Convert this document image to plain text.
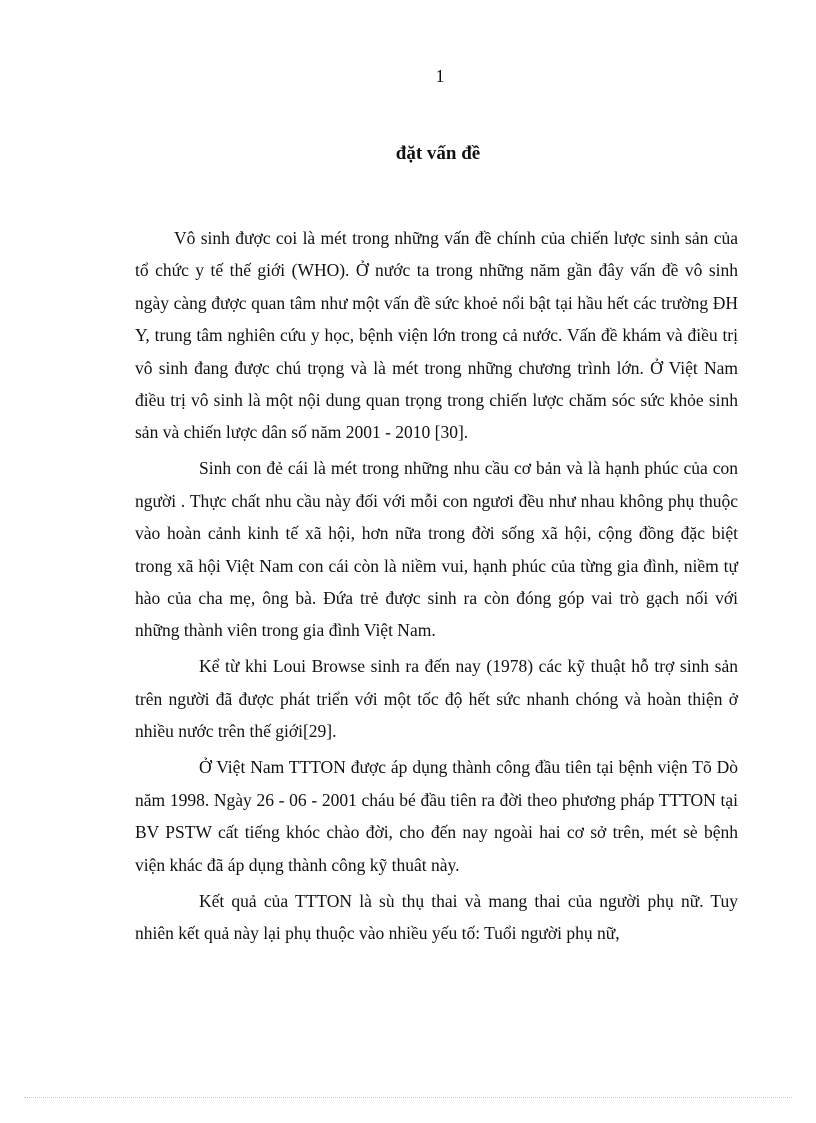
1
đặt vấn đề

Vô sinh được coi là mét trong những vấn đề chính của chiến lược sinh sản của tổ chức y tế thế giới (WHO). Ở nước ta trong những năm gần đây vấn đề vô sinh ngày càng được quan tâm như một vấn đề sức khoẻ nổi bật tại hầu hết các trường ĐH Y, trung tâm nghiên cứu y học, bệnh viện lớn trong cả nước. Vấn đề khám và điều trị vô sinh đang được chú trọng và là mét trong những chương trình lớn. Ở Việt Nam điều trị vô sinh là một nội dung quan trọng trong chiến lược chăm sóc sức khỏe sinh sản và chiến lược dân số năm 2001 - 2010 [30].

Sinh con đẻ cái là mét trong những nhu cầu cơ bản và là hạnh phúc của con người . Thực chất nhu cầu này đối với mỗi con ngươi đều như nhau không phụ thuộc vào hoàn cảnh kinh tế xã hội, hơn nữa trong đời sống xã hội, cộng đồng đặc biệt trong xã hội Việt Nam con cái còn là niềm vui, hạnh phúc của từng gia đình, niềm tự hào của cha mẹ, ông bà. Đứa trẻ được sinh ra còn đóng góp vai trò gạch nối với những thành viên trong gia đình Việt Nam.

Kể từ khi Loui Browse sinh ra đến nay (1978) các kỹ thuật hỗ trợ sinh sản trên người đã được phát triển với một tốc độ hết sức nhanh chóng và hoàn thiện ở nhiều nước trên thế giới[29].

Ở Việt Nam TTTON được áp dụng thành công đầu tiên tại bệnh viện Tõ Dò năm 1998. Ngày 26 - 06 - 2001 cháu bé đầu tiên ra đời theo phương pháp TTTON tại BV PSTW cất tiếng khóc chào đời, cho đến nay ngoài hai cơ sở trên, mét sè bệnh viện khác đã áp dụng thành công kỹ thuât này.

Kết quả của TTTON là sù thụ thai và mang thai của người phụ nữ. Tuy nhiên kết quả này lại phụ thuộc vào nhiều yếu tố: Tuổi người phụ nữ,
